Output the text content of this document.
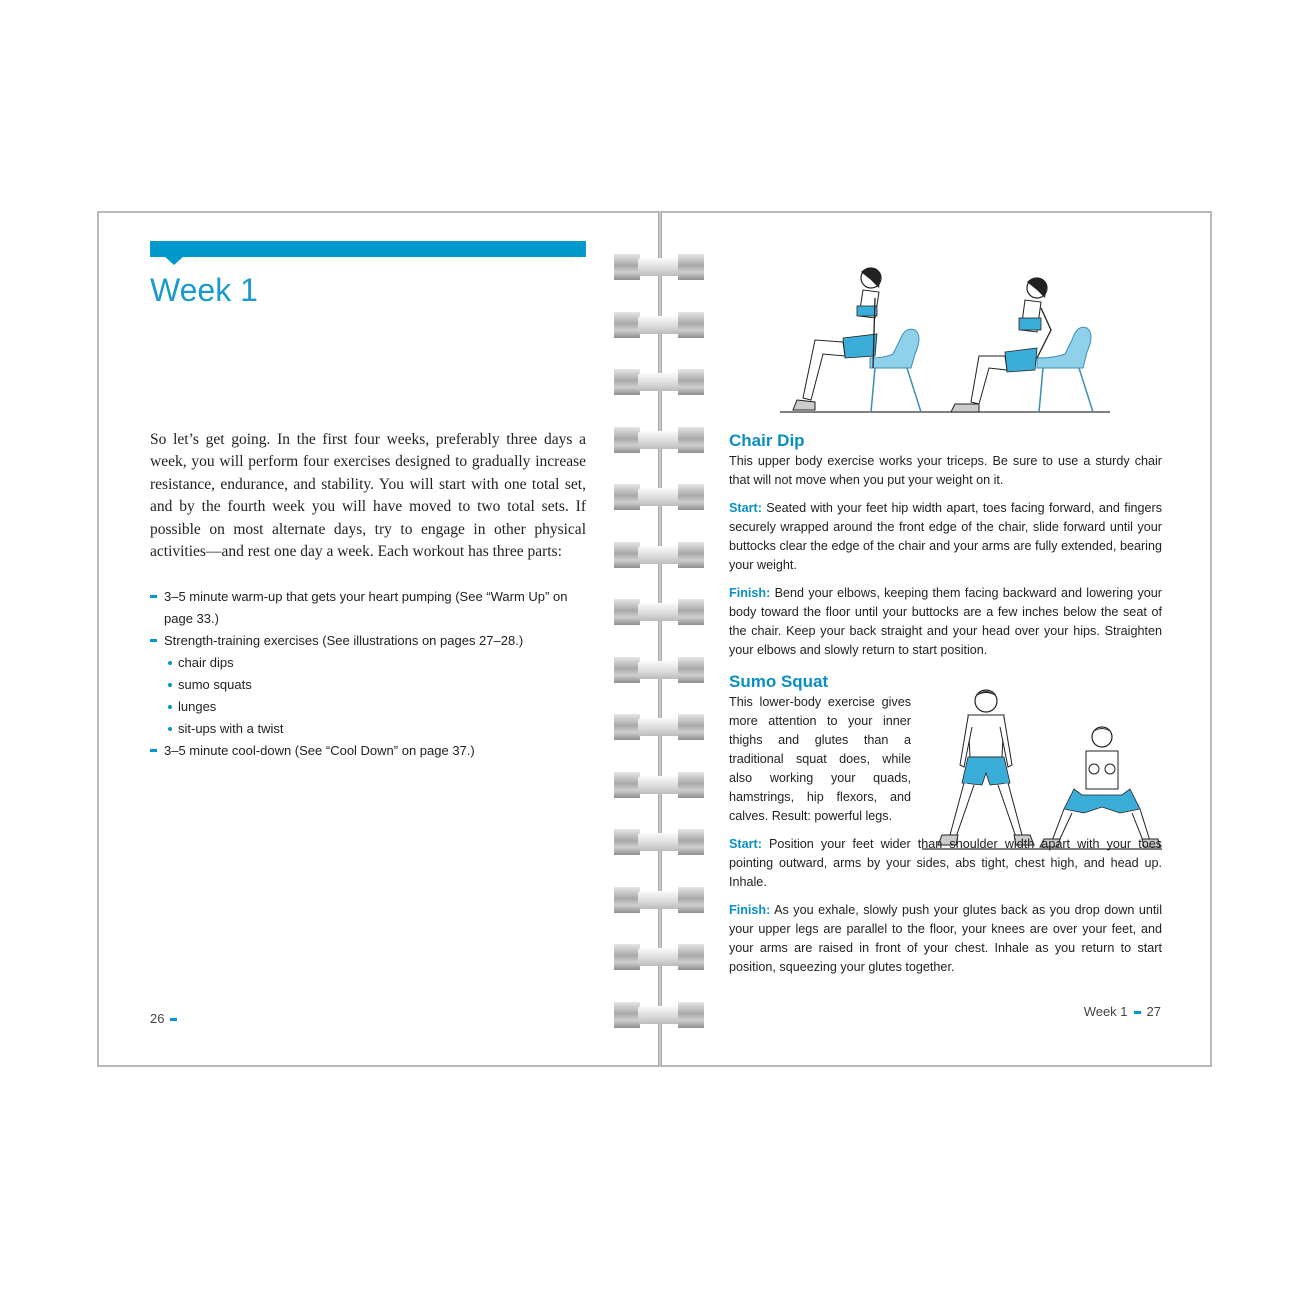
Week 1

So let’s get going. In the first four weeks, preferably three days a week, you will perform four exercises designed to gradually increase resistance, endurance, and stability. You will start with one total set, and by the fourth week you will have moved to two total sets. If possible on most alternate days, try to engage in other physical activities—and rest one day a week. Each workout has three parts:

3–5 minute warm-up that gets your heart pumping (See “Warm Up” on page 33.)
Strength-training exercises (See illustrations on pages 27–28.)
chair dips
sumo squats
lunges
sit-ups with a twist
3–5 minute cool-down (See “Cool Down” on page 37.)
26
Chair Dip

This upper body exercise works your triceps. Be sure to use a sturdy chair that will not move when you put your weight on it.

Start: Seated with your feet hip width apart, toes facing forward, and fingers securely wrapped around the front edge of the chair, slide forward until your buttocks clear the edge of the chair and your arms are fully extended, bearing your weight.

Finish: Bend your elbows, keeping them facing backward and lowering your body toward the floor until your buttocks are a few inches below the seat of the chair. Keep your back straight and your head over your hips. Straighten your elbows and slowly return to start position.

Sumo Squat

This lower-body exercise gives more attention to your inner thighs and glutes than a traditional squat does, while also working your quads, hamstrings, hip flexors, and calves. Result: powerful legs.

Start: Position your feet wider than shoulder width apart with your toes pointing outward, arms by your sides, abs tight, chest high, and head up. Inhale.

Finish: As you exhale, slowly push your glutes back as you drop down until your upper legs are parallel to the floor, your knees are over your feet, and your arms are raised in front of your chest. Inhale as you return to start position, squeezing your glutes together.

Week 1 27
